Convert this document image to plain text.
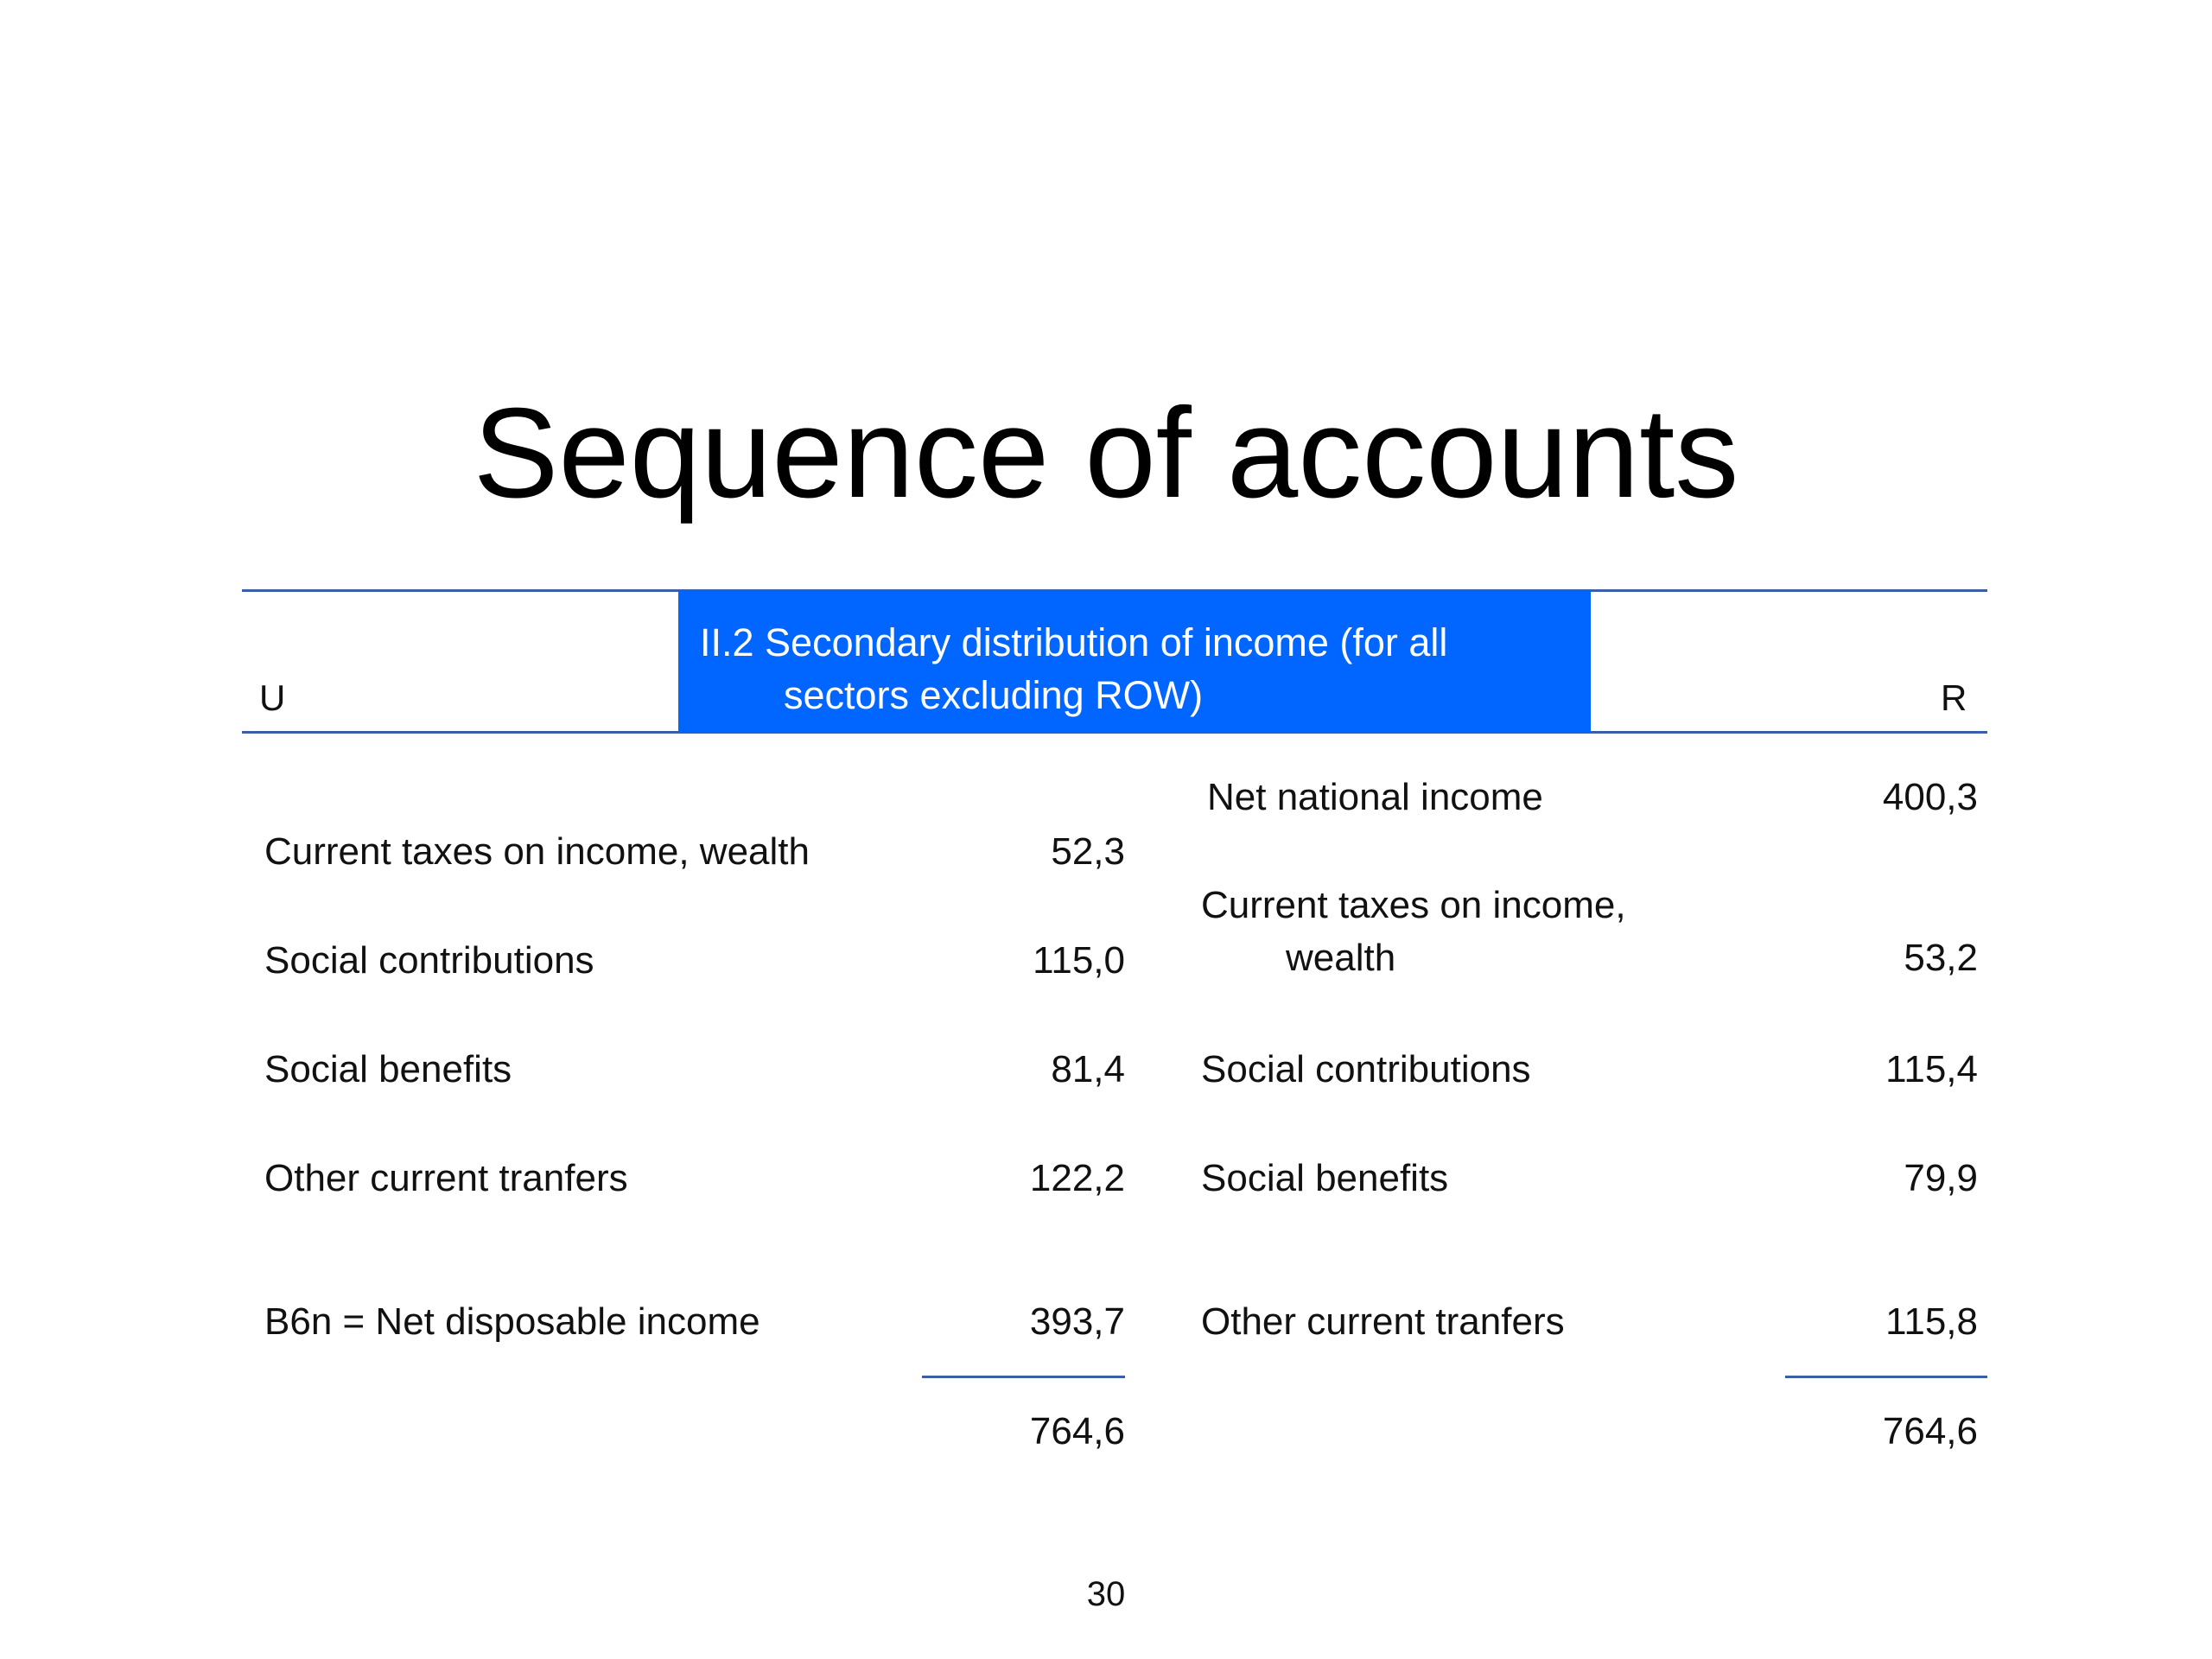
Sequence of accounts
II.2 Secondary distribution of income (for all
sectors excluding ROW)
U	R
Current taxes on income, wealth	52,3
Social contributions	115,0
Social benefits	81,4
Other current tranfers	122,2
B6n = Net disposable income	393,7
764,6
Net national income	400,3
Current taxes on income,
wealth	53,2
Social contributions	115,4
Social benefits	79,9
Other current tranfers	115,8
764,6
30
